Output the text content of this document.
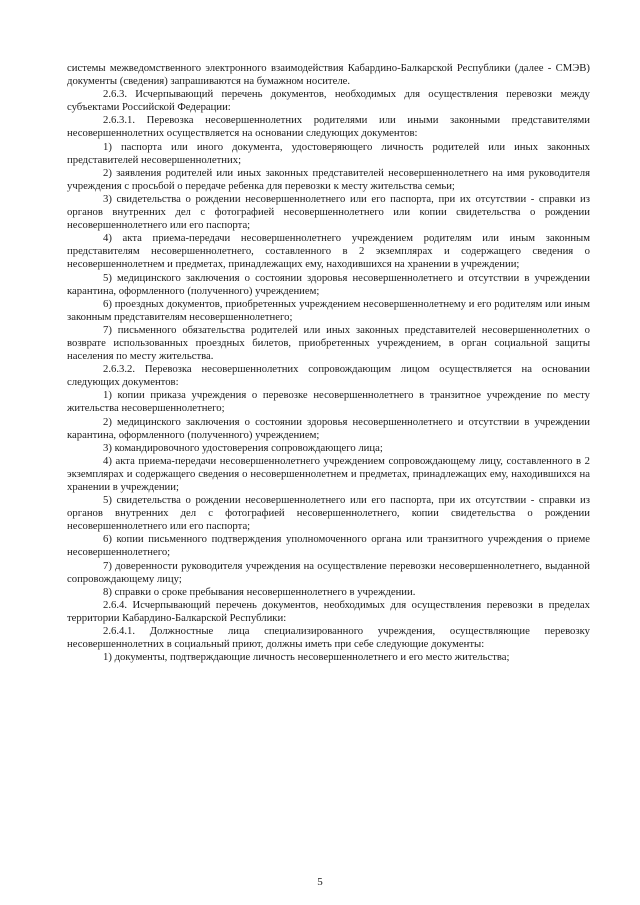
системы межведомственного электронного взаимодействия Кабардино-Балкарской Республики (далее - СМЭВ) документы (сведения) запрашиваются на бумажном носителе.

2.6.3. Исчерпывающий перечень документов, необходимых для осуществления перевозки между субъектами Российской Федерации:

2.6.3.1. Перевозка несовершеннолетних родителями или иными законными представителями несовершеннолетних осуществляется на основании следующих документов:

1) паспорта или иного документа, удостоверяющего личность родителей или иных законных представителей несовершеннолетних;

2) заявления родителей или иных законных представителей несовершеннолетнего на имя руководителя учреждения с просьбой о передаче ребенка для перевозки к месту жительства семьи;

3) свидетельства о рождении несовершеннолетнего или его паспорта, при их отсутствии - справки из органов внутренних дел с фотографией несовершеннолетнего или копии свидетельства о рождении несовершеннолетнего или его паспорта;

4) акта приема-передачи несовершеннолетнего учреждением родителям или иным законным представителям несовершеннолетнего, составленного в 2 экземплярах и содержащего сведения о несовершеннолетнем и предметах, принадлежащих ему, находившихся на хранении в учреждении;

5) медицинского заключения о состоянии здоровья несовершеннолетнего и отсутствии в учреждении карантина, оформленного (полученного) учреждением;

6) проездных документов, приобретенных учреждением несовершеннолетнему и его родителям или иным законным представителям несовершеннолетнего;

7) письменного обязательства родителей или иных законных представителей несовершеннолетних о возврате использованных проездных билетов, приобретенных учреждением, в орган социальной защиты населения по месту жительства.

2.6.3.2. Перевозка несовершеннолетних сопровождающим лицом осуществляется на основании следующих документов:

1) копии приказа учреждения о перевозке несовершеннолетнего в транзитное учреждение по месту жительства несовершеннолетнего;

2) медицинского заключения о состоянии здоровья несовершеннолетнего и отсутствии в учреждении карантина, оформленного (полученного) учреждением;

3) командировочного удостоверения сопровождающего лица;

4) акта приема-передачи несовершеннолетнего учреждением сопровождающему лицу, составленного в 2 экземплярах и содержащего сведения о несовершеннолетнем и предметах, принадлежащих ему, находившихся на хранении в учреждении;

5) свидетельства о рождении несовершеннолетнего или его паспорта, при их отсутствии - справки из органов внутренних дел с фотографией несовершеннолетнего, копии свидетельства о рождении несовершеннолетнего или его паспорта;

6) копии письменного подтверждения уполномоченного органа или транзитного учреждения о приеме несовершеннолетнего;

7) доверенности руководителя учреждения на осуществление перевозки несовершеннолетнего, выданной сопровождающему лицу;

8) справки о сроке пребывания несовершеннолетнего в учреждении.

2.6.4. Исчерпывающий перечень документов, необходимых для осуществления перевозки в пределах территории Кабардино-Балкарской Республики:

2.6.4.1. Должностные лица специализированного учреждения, осуществляющие перевозку несовершеннолетних в социальный приют, должны иметь при себе следующие документы:

1) документы, подтверждающие личность несовершеннолетнего и его место жительства;

5
